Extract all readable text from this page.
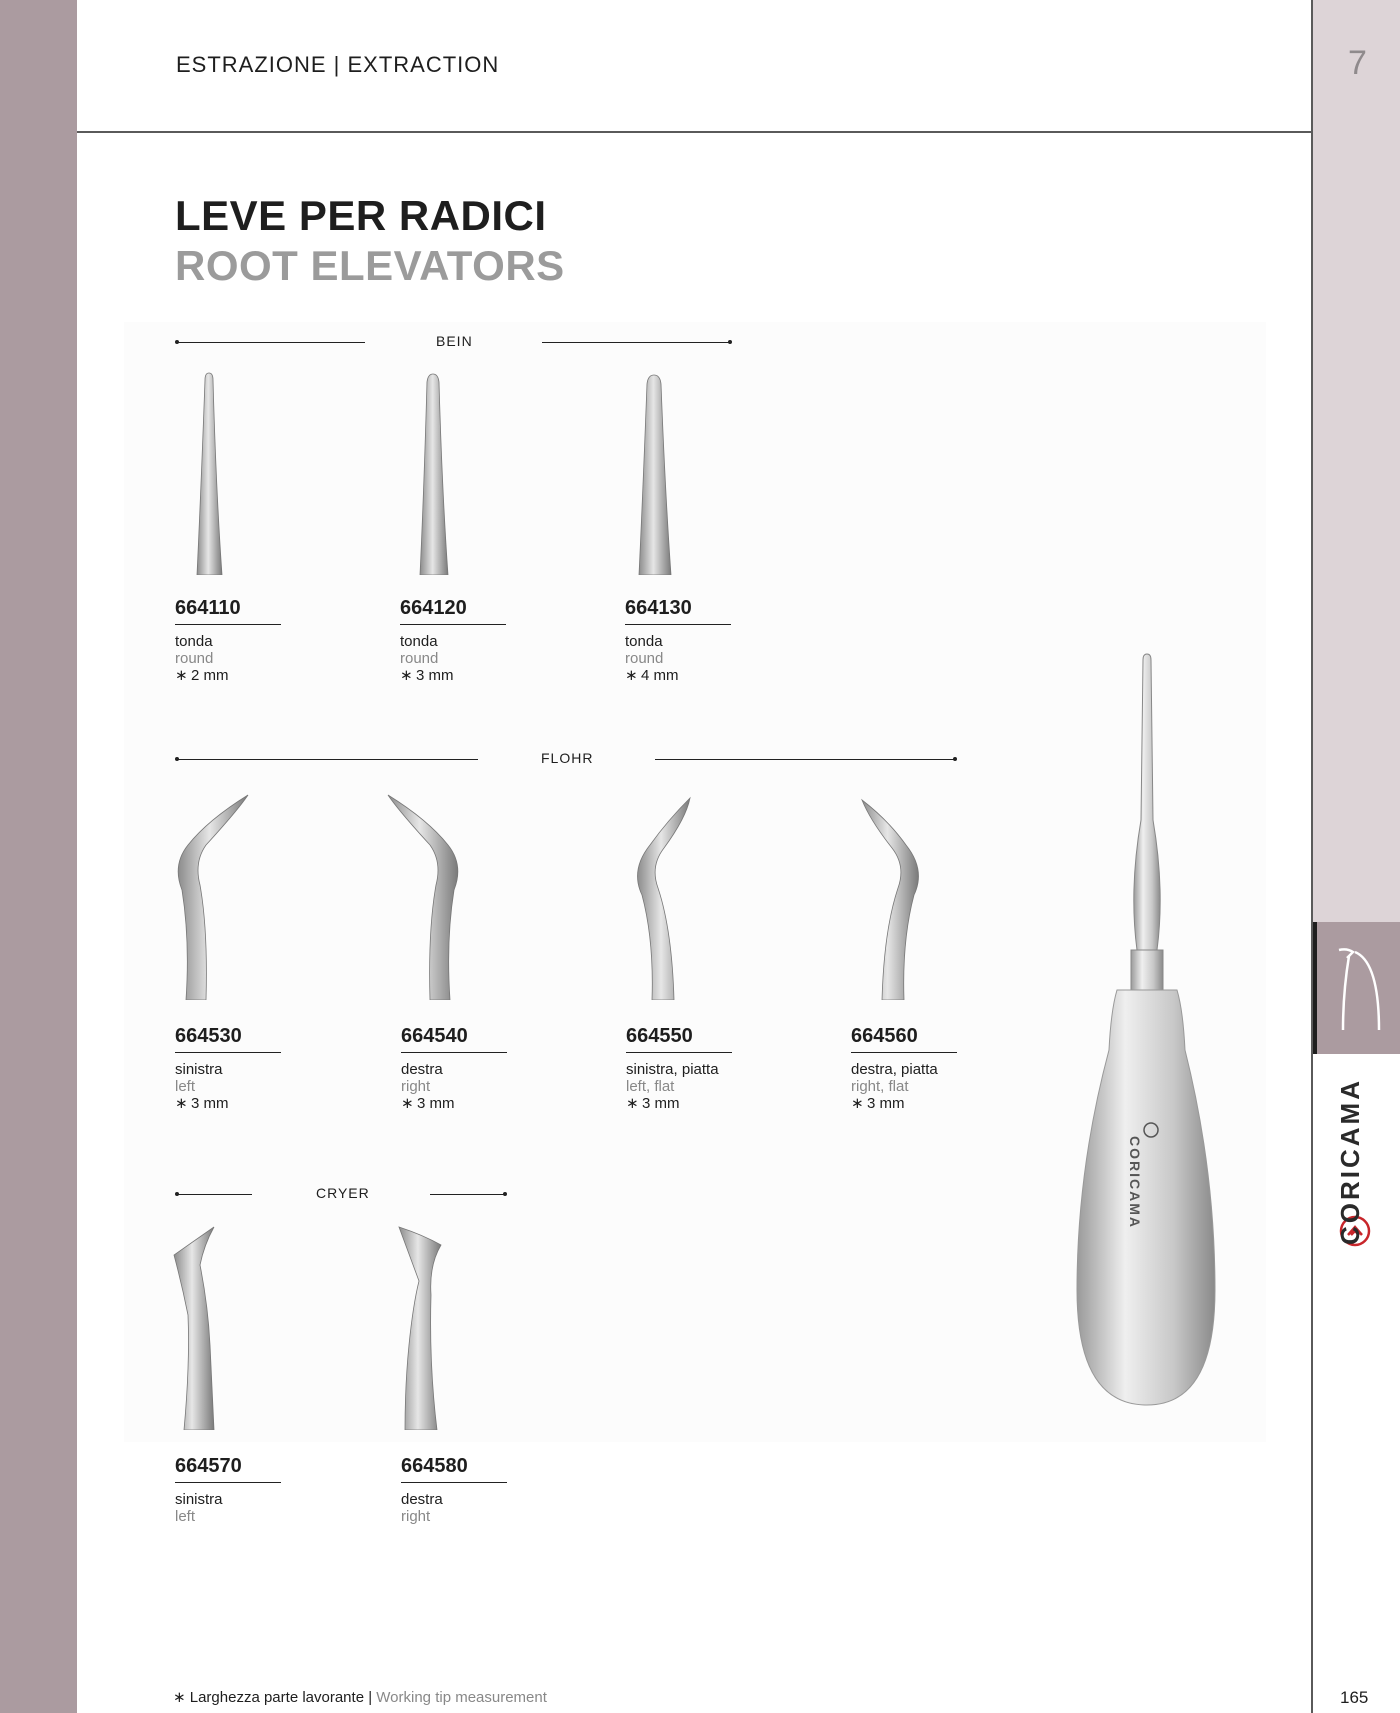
7
CORICAMA
ESTRAZIONE | EXTRACTION
LEVE PER RADICI
ROOT ELEVATORS
BEIN
664110
tonda
round
∗ 2 mm
664120
tonda
round
∗ 3 mm
664130
tonda
round
∗ 4 mm
FLOHR
664530
sinistra
left
∗ 3 mm
664540
destra
right
∗ 3 mm
664550
sinistra, piatta
left, flat
∗ 3 mm
664560
destra, piatta
right, flat
∗ 3 mm
CRYER
664570
sinistra
left
664580
destra
right
CORICAMA
∗ Larghezza parte lavorante | Working tip measurement	165
